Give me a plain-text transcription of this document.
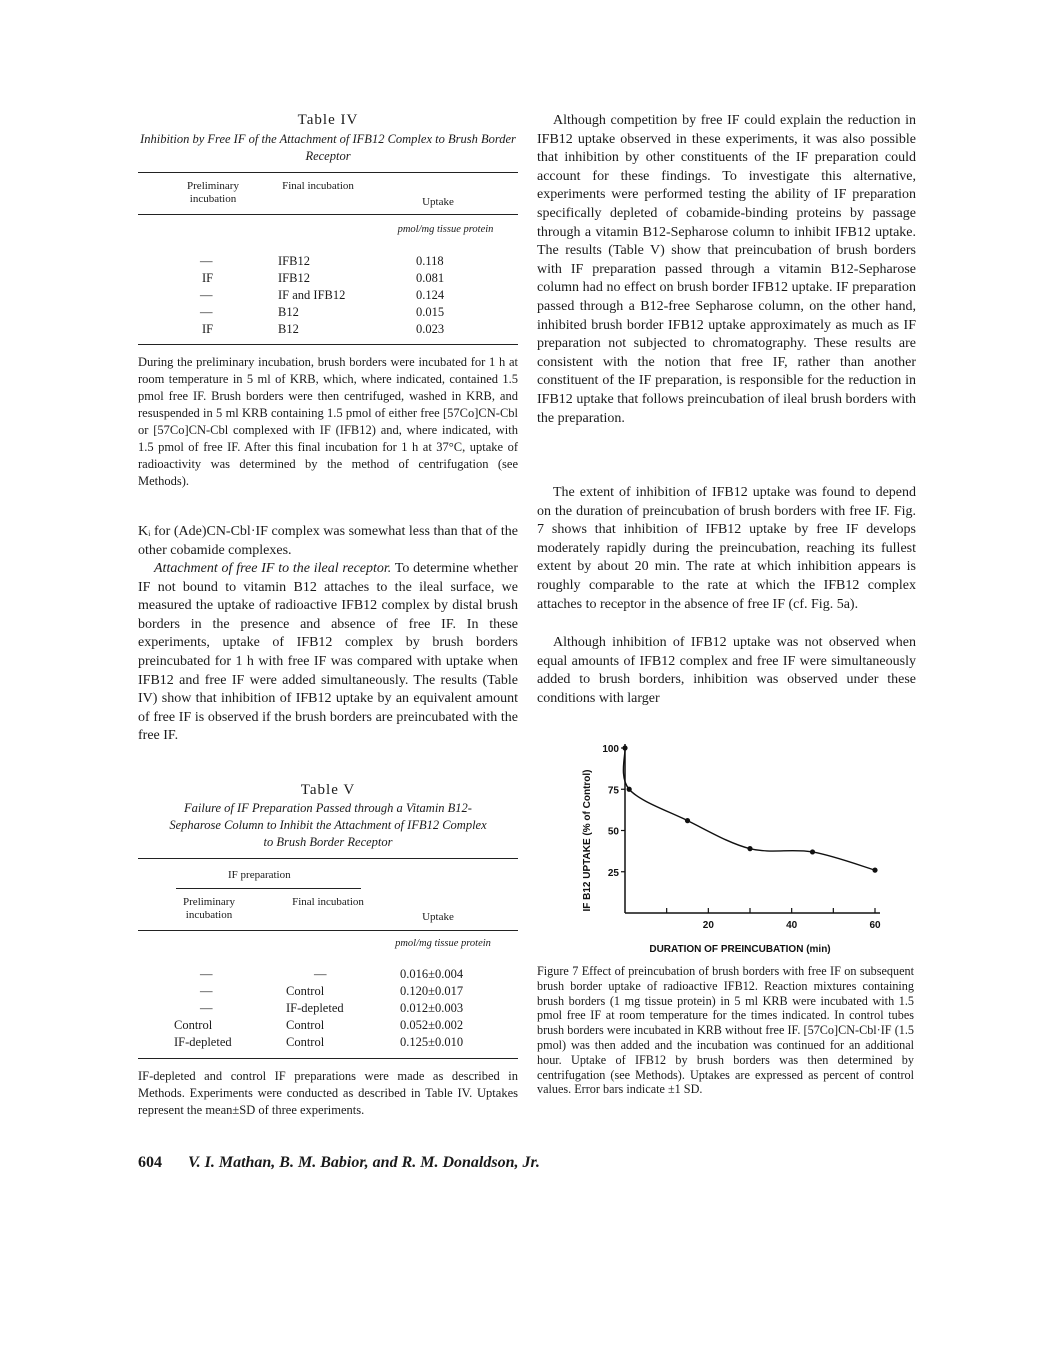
Table IV
Inhibition by Free IF of the Attachment of IFB12 Complex to Brush Border Receptor
Preliminary incubation
Final incubation
Uptake
pmol/mg tissue protein
—	IFB12	0.118
IF	IFB12	0.081
—	IF and IFB12	0.124
—	B12	0.015
IF	B12	0.023
During the preliminary incubation, brush borders were incubated for 1 h at room temperature in 5 ml of KRB, which, where indicated, contained 1.5 pmol free IF. Brush borders were then centrifuged, washed in KRB, and resuspended in 5 ml KRB containing 1.5 pmol of either free [57Co]CN-Cbl or [57Co]CN-Cbl complexed with IF (IFB12) and, where indicated, with 1.5 pmol of free IF. After this final incubation for 1 h at 37°C, uptake of radioactivity was determined by the method of centrifugation (see Methods).
Kᵢ for (Ade)CN-Cbl·IF complex was somewhat less than that of the other cobamide complexes.
Attachment of free IF to the ileal receptor. To determine whether IF not bound to vitamin B12 attaches to the ileal surface, we measured the uptake of radioactive IFB12 complex by distal brush borders in the presence and absence of free IF. In these experiments, uptake of IFB12 complex by brush borders preincubated for 1 h with free IF was compared with uptake when IFB12 and free IF were added simultaneously. The results (Table IV) show that inhibition of IFB12 uptake by an equivalent amount of free IF is observed if the brush borders are preincubated with the free IF.
Table V
Failure of IF Preparation Passed through a Vitamin B12-Sepharose Column to Inhibit the Attachment of IFB12 Complex to Brush Border Receptor
IF preparation
Preliminary incubation
Final incubation
Uptake
pmol/mg tissue protein
—	—	0.016±0.004
—	Control	0.120±0.017
—	IF-depleted	0.012±0.003
Control	Control	0.052±0.002
IF-depleted	Control	0.125±0.010
IF-depleted and control IF preparations were made as described in Methods. Experiments were conducted as described in Table IV. Uptakes represent the mean±SD of three experiments.
Although competition by free IF could explain the reduction in IFB12 uptake observed in these experiments, it was also possible that inhibition by other constituents of the IF preparation could account for these findings. To investigate this alternative, experiments were performed testing the ability of IF preparation specifically depleted of cobamide-binding proteins by passage through a vitamin B12-Sepharose column to inhibit IFB12 uptake. The results (Table V) show that preincubation of brush borders with IF preparation passed through a vitamin B12-Sepharose column had no effect on brush border IFB12 uptake. IF preparation passed through a B12-free Sepharose column, on the other hand, inhibited brush border IFB12 uptake approximately as much as IF preparation not subjected to chromatography. These results are consistent with the notion that free IF, rather than another constituent of the IF preparation, is responsible for the reduction in IFB12 uptake that follows preincubation of ileal brush borders with the preparation.
The extent of inhibition of IFB12 uptake was found to depend on the duration of preincubation of brush borders with free IF. Fig. 7 shows that inhibition of IFB12 uptake by free IF develops moderately rapidly during the preincubation, reaching its fullest extent by about 20 min. The rate at which inhibition appears is roughly comparable to the rate at which the IFB12 complex attaches to receptor in the absence of free IF (cf. Fig. 5a).
Although inhibition of IFB12 uptake was not observed when equal amounts of IFB12 complex and free IF were simultaneously added to brush borders, inhibition was observed under these conditions with larger
25
50
75
100
20	40	60
DURATION OF PREINCUBATION (min)
IF B12 UPTAKE (% of Control)
Figure 7 Effect of preincubation of brush borders with free IF on subsequent brush border uptake of radioactive IFB12. Reaction mixtures containing brush borders (1 mg tissue protein) in 5 ml KRB were incubated with 1.5 pmol free IF at room temperature for the times indicated. In control tubes brush borders were incubated in KRB without free IF. [57Co]CN-Cbl·IF (1.5 pmol) was then added and the incubation was continued for an additional hour. Uptake of IFB12 by brush borders was then determined by centrifugation (see Methods). Uptakes are expressed as percent of control values. Error bars indicate ±1 SD.
604 V. I. Mathan, B. M. Babior, and R. M. Donaldson, Jr.
